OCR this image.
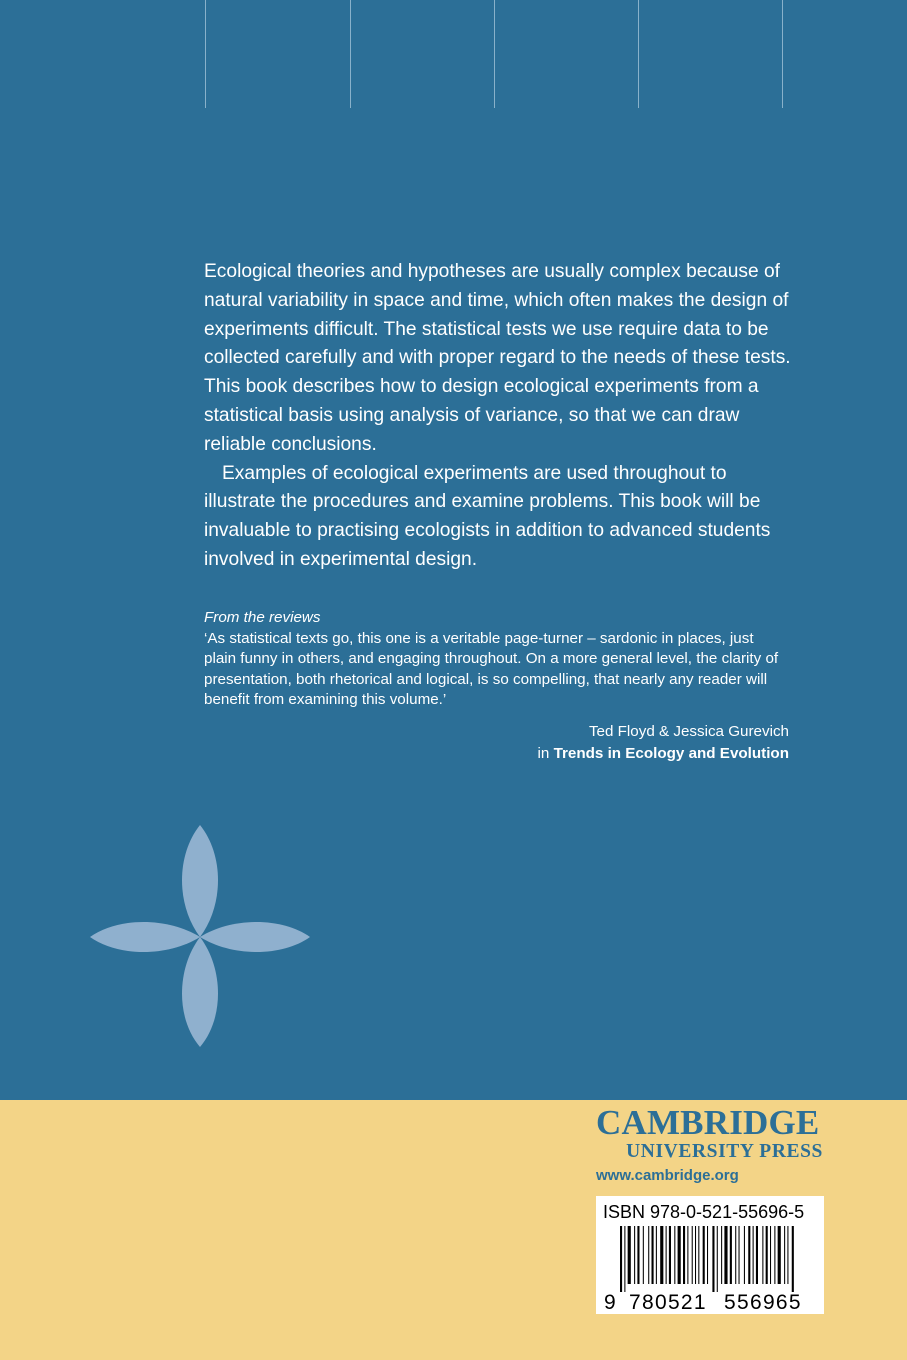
Ecological theories and hypotheses are usually complex because of natural variability in space and time, which often makes the design of experiments difficult. The statistical tests we use require data to be collected carefully and with proper regard to the needs of these tests. This book describes how to design ecological experiments from a statistical basis using analysis of variance, so that we can draw reliable conclusions.

Examples of ecological experiments are used throughout to illustrate the procedures and examine problems. This book will be invaluable to practising ecologists in addition to advanced students involved in experimental design.

From the reviews

‘As statistical texts go, this one is a veritable page-turner – sardonic in places, just plain funny in others, and engaging throughout. On a more general level, the clarity of presentation, both rhetorical and logical, is so compelling, that nearly any reader will benefit from examining this volume.’

Ted Floyd & Jessica Gurevich
in Trends in Ecology and Evolution
CAMBRIDGE
UNIVERSITY PRESS
www.cambridge.org
ISBN 978-0-521-55696-5
9 780521 556965
